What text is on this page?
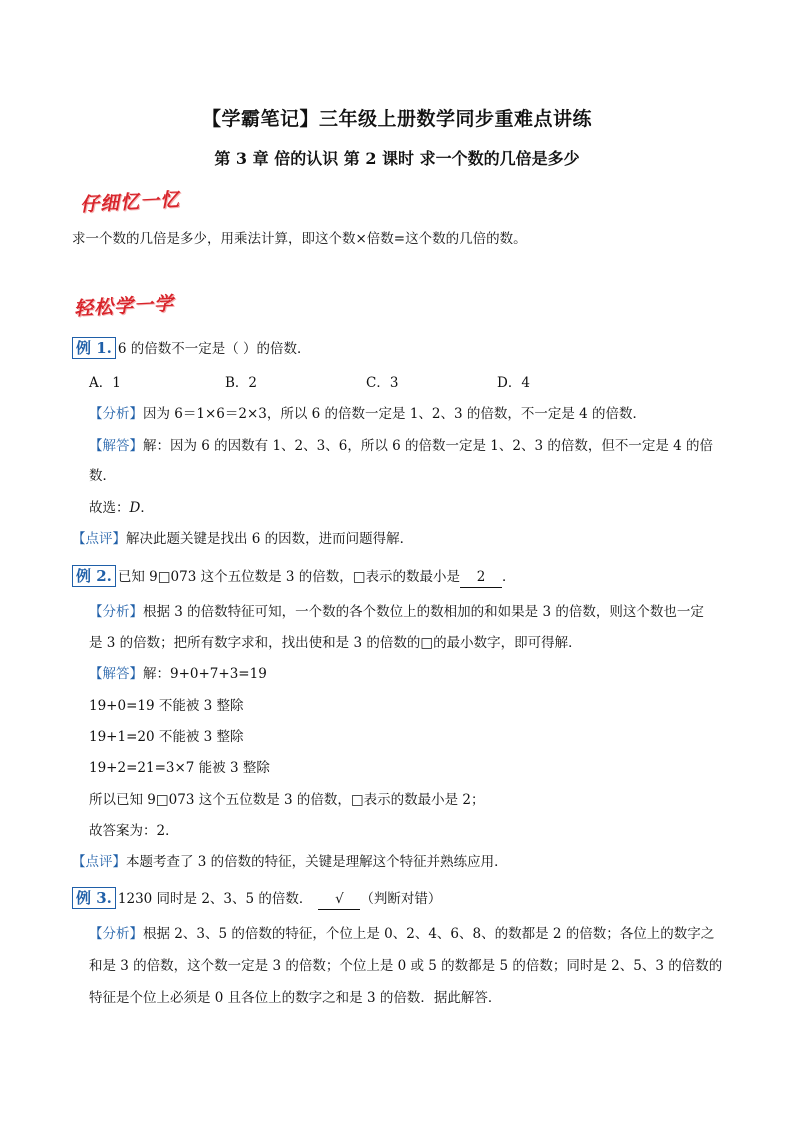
【学霸笔记】三年级上册数学同步重难点讲练
第 3 章 倍的认识 第 2 课时 求一个数的几倍是多少
仔细忆一忆
求一个数的几倍是多少，用乘法计算，即这个数×倍数=这个数的几倍的数。
轻松学一学
例 1. 6 的倍数不一定是（ ）的倍数．
A．1	B．2	C．3	D．4
【分析】因为 6＝1×6＝2×3，所以 6 的倍数一定是 1、2、3 的倍数，不一定是 4 的倍数．
【解答】解：因为 6 的因数有 1、2、3、6，所以 6 的倍数一定是 1、2、3 的倍数，但不一定是 4 的倍
数．
故选：D．
【点评】解决此题关键是找出 6 的因数，进而问题得解．
例 2. 已知 9□073 这个五位数是 3 的倍数，□表示的数最小是 2 ．
【分析】根据 3 的倍数特征可知，一个数的各个数位上的数相加的和如果是 3 的倍数，则这个数也一定
是 3 的倍数；把所有数字求和，找出使和是 3 的倍数的□的最小数字，即可得解．
【解答】解：9+0+7+3=19
19+0=19 不能被 3 整除
19+1=20 不能被 3 整除
19+2=21=3×7 能被 3 整除
所以已知 9□073 这个五位数是 3 的倍数，□表示的数最小是 2；
故答案为：2．
【点评】本题考查了 3 的倍数的特征，关键是理解这个特征并熟练应用．
例 3. 1230 同时是 2、3、5 的倍数． √ （判断对错）
【分析】根据 2、3、5 的倍数的特征，个位上是 0、2、4、6、8、的数都是 2 的倍数；各位上的数字之
和是 3 的倍数，这个数一定是 3 的倍数；个位上是 0 或 5 的数都是 5 的倍数；同时是 2、5、3 的倍数的
特征是个位上必须是 0 且各位上的数字之和是 3 的倍数．据此解答．
